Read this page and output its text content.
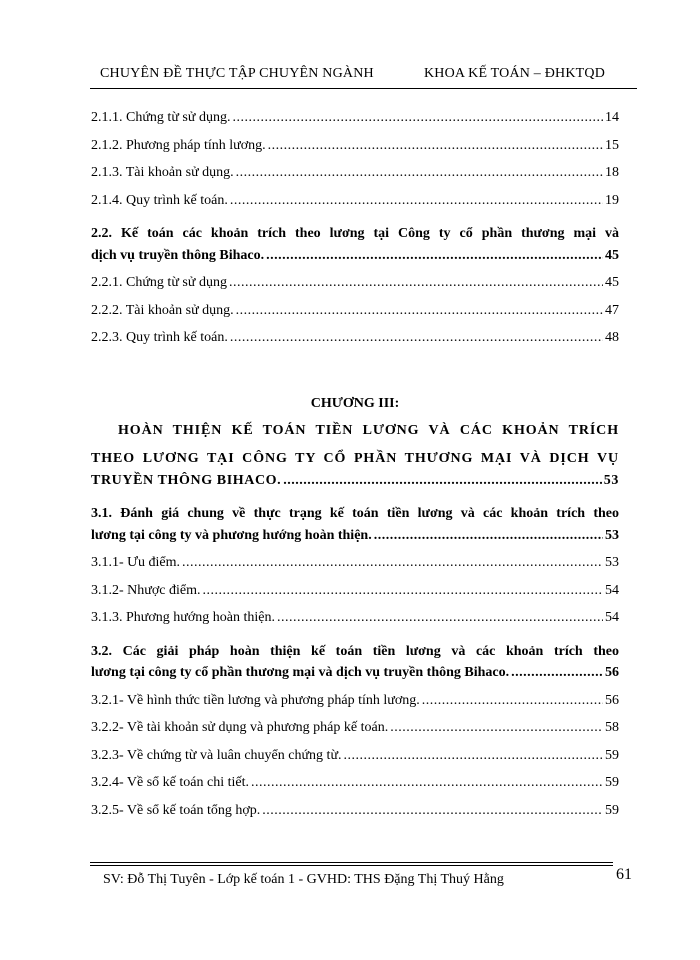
CHUYÊN ĐỀ THỰC TẬP CHUYÊN NGÀNH	KHOA KẾ TOÁN – ĐHKTQD
2.1.1. Chứng từ sử dụng. .....	14
2.1.2. Phương pháp tính lương. .....	15
2.1.3. Tài khoản sử dụng. .....	18
2.1.4. Quy trình kế toán. .....	19
2.2. Kế toán các khoản trích theo lương tại Công ty cổ phần thương mại và
dịch vụ truyền thông Bihaco. .....	45
2.2.1. Chứng từ sử dụng .....	45
2.2.2. Tài khoản sử dụng. .....	47
2.2.3. Quy trình kế toán. .....	48
CHƯƠNG III:
HOÀN THIỆN KẾ TOÁN TIỀN LƯƠNG VÀ CÁC KHOẢN TRÍCH
THEO LƯƠNG TẠI CÔNG TY CỔ PHẦN THƯƠNG MẠI VÀ DỊCH VỤ
TRUYỀN THÔNG BIHACO. .....	53
3.1. Đánh giá chung về thực trạng kế toán tiền lương và các khoản trích theo
lương tại công ty và phương hướng hoàn thiện. .....	53
3.1.1- Ưu điểm. .....	53
3.1.2- Nhược điểm. .....	54
3.1.3. Phương hướng hoàn thiện. .....	54
3.2. Các giải pháp hoàn thiện kế toán tiền lương và các khoản trích theo
lương tại công ty cổ phần thương mại và dịch vụ truyền thông Bihaco. .....	56
3.2.1- Về hình thức tiền lương và phương pháp tính lương. .....	56
3.2.2- Về tài khoản sử dụng và phương pháp kế toán. .....	58
3.2.3- Về chứng từ và luân chuyển chứng từ. .....	59
3.2.4- Về sổ kế toán chi tiết. .....	59
3.2.5- Về sổ kế toán tổng hợp. .....	59
SV: Đỗ Thị Tuyên - Lớp kế toán 1 - GVHD: THS Đặng Thị Thuý Hằng	61
